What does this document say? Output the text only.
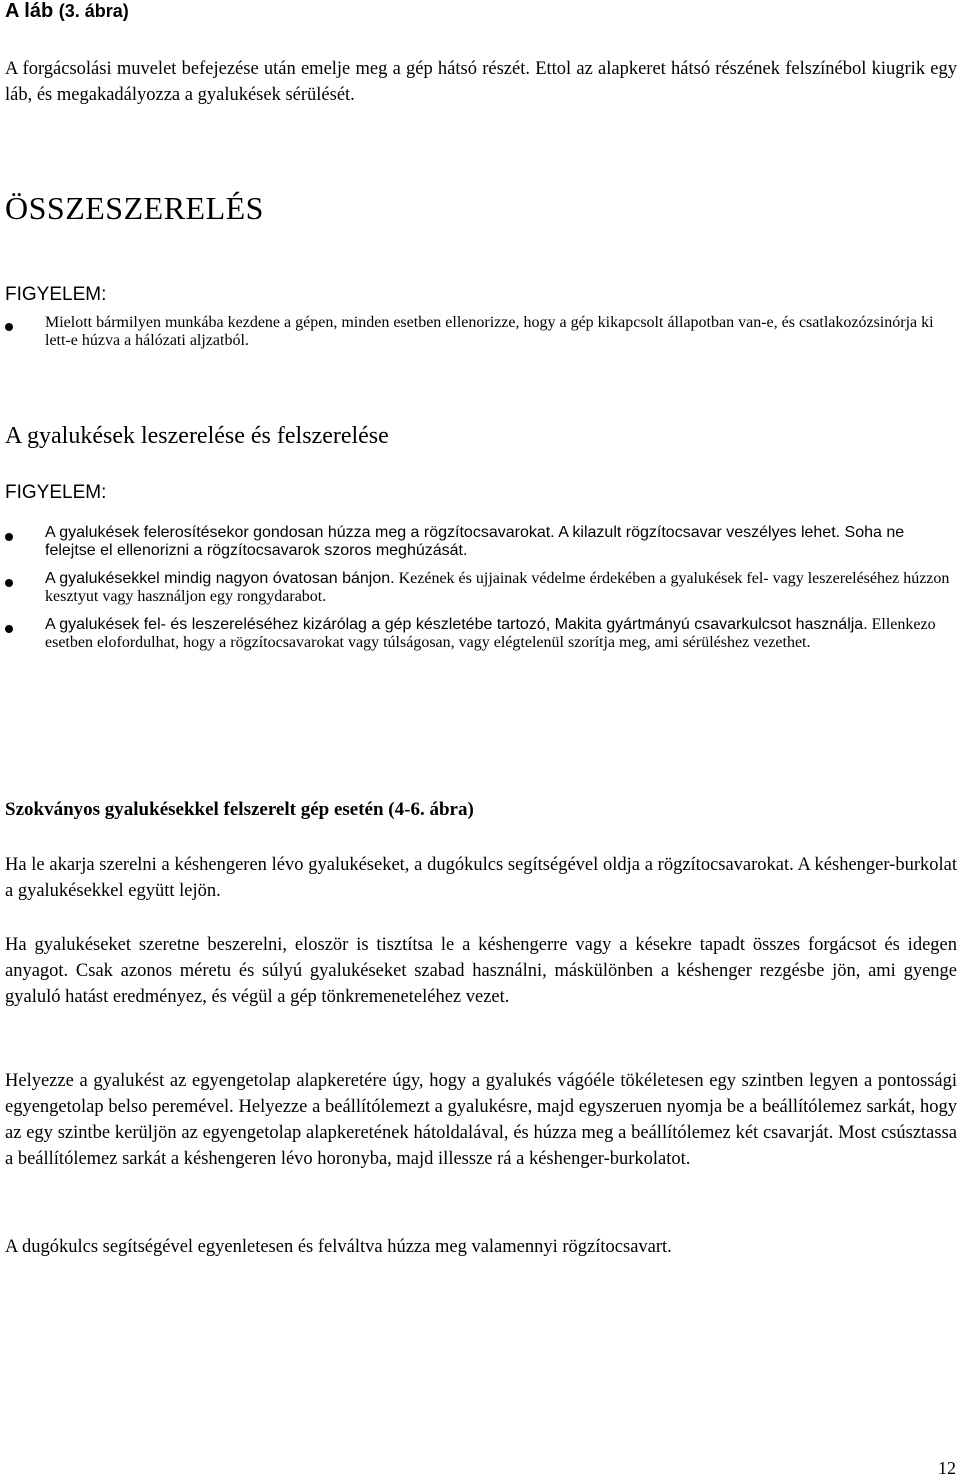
A láb (3. ábra)

A forgácsolási muvelet befejezése után emelje meg a gép hátsó részét. Ettol az alapkeret hátsó részének felszínébol kiugrik egy láb, és megakadályozza a gyalukések sérülését.

ÖSSZESZERELÉS
FIGYELEM:
Mielott bármilyen munkába kezdene a gépen, minden esetben ellenorizze, hogy a gép kikapcsolt állapotban van-e, és csatlakozózsinórja ki lett-e húzva a hálózati aljzatból.
A gyalukések leszerelése és felszerelése
FIGYELEM:
A gyalukések felerosítésekor gondosan húzza meg a rögzítocsavarokat. A kilazult rögzítocsavar veszélyes lehet. Soha ne felejtse el ellenorizni a rögzítocsavarok szoros meghúzását.
A gyalukésekkel mindig nagyon óvatosan bánjon. Kezének és ujjainak védelme érdekében a gyalukések fel- vagy leszereléséhez húzzon kesztyut vagy használjon egy rongydarabot.
A gyalukések fel- és leszereléséhez kizárólag a gép készletébe tartozó, Makita gyártmányú csavarkulcsot használja. Ellenkezo esetben elofordulhat, hogy a rögzítocsavarokat vagy túlságosan, vagy elégtelenül szorítja meg, ami sérüléshez vezethet.
Szokványos gyalukésekkel felszerelt gép esetén (4-6. ábra)

Ha le akarja szerelni a késhengeren lévo gyalukéseket, a dugókulcs segítségével oldja a rögzítocsavarokat. A késhenger-burkolat a gyalukésekkel együtt lejön.

Ha gyalukéseket szeretne beszerelni, eloször is tisztítsa le a késhengerre vagy a késekre tapadt összes forgácsot és idegen anyagot. Csak azonos méretu és súlyú gyalukéseket szabad használni, máskülönben a késhenger rezgésbe jön, ami gyenge gyaluló hatást eredményez, és végül a gép tönkremeneteléhez vezet.

Helyezze a gyalukést az egyengetolap alapkeretére úgy, hogy a gyalukés vágóéle tökéletesen egy szintben legyen a pontossági egyengetolap belso peremével. Helyezze a beállítólemezt a gyalukésre, majd egyszeruen nyomja be a beállítólemez sarkát, hogy az egy szintbe kerüljön az egyengetolap alapkeretének hátoldalával, és húzza meg a beállítólemez két csavarját. Most csúsztassa a beállítólemez sarkát a késhengeren lévo horonyba, majd illessze rá a késhenger-burkolatot.

A dugókulcs segítségével egyenletesen és felváltva húzza meg valamennyi rögzítocsavart.

12
